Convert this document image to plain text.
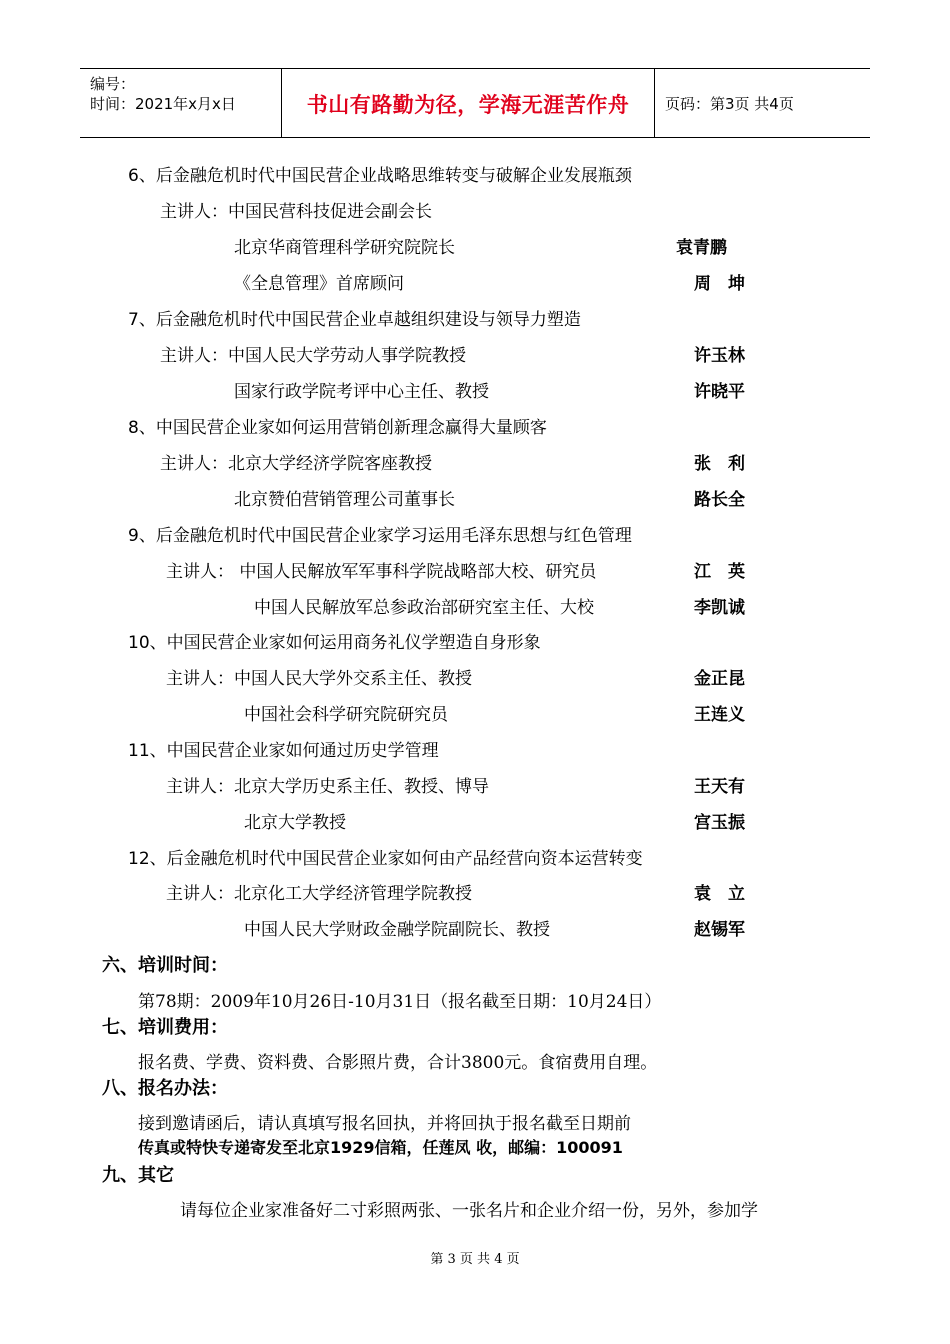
编号：
时间：2021年x月x日	书山有路勤为径，学海无涯苦作舟	页码：第3页 共4页
6、后金融危机时代中国民营企业战略思维转变与破解企业发展瓶颈
主讲人：中国民营科技促进会副会长
北京华商管理科学研究院院长	袁青鹏
《全息管理》首席顾问	周　坤
7、后金融危机时代中国民营企业卓越组织建设与领导力塑造
主讲人：中国人民大学劳动人事学院教授	许玉林
国家行政学院考评中心主任、教授	许晓平
8、中国民营企业家如何运用营销创新理念赢得大量顾客
主讲人：北京大学经济学院客座教授	张　利
北京赞伯营销管理公司董事长	路长全
9、后金融危机时代中国民营企业家学习运用毛泽东思想与红色管理
主讲人： 中国人民解放军军事科学院战略部大校、研究员	江　英
中国人民解放军总参政治部研究室主任、大校	李凯诚
10、中国民营企业家如何运用商务礼仪学塑造自身形象
主讲人：中国人民大学外交系主任、教授	金正昆
中国社会科学研究院研究员	王连义
11、中国民营企业家如何通过历史学管理
主讲人：北京大学历史系主任、教授、博导	王天有
北京大学教授	宫玉振
12、后金融危机时代中国民营企业家如何由产品经营向资本运营转变
主讲人：北京化工大学经济管理学院教授	袁　立
中国人民大学财政金融学院副院长、教授	赵锡军
六、培训时间：
第78期：2009年10月26日-10月31日（报名截至日期：10月24日）
七、培训费用：
报名费、学费、资料费、合影照片费，合计3800元。食宿费用自理。
八、报名办法：
接到邀请函后，请认真填写报名回执，并将回执于报名截至日期前
传真或特快专递寄发至北京1929信箱，任莲凤 收，邮编：100091
九、其它
请每位企业家准备好二寸彩照两张、一张名片和企业介绍一份，另外，参加学
第 3 页 共 4 页
